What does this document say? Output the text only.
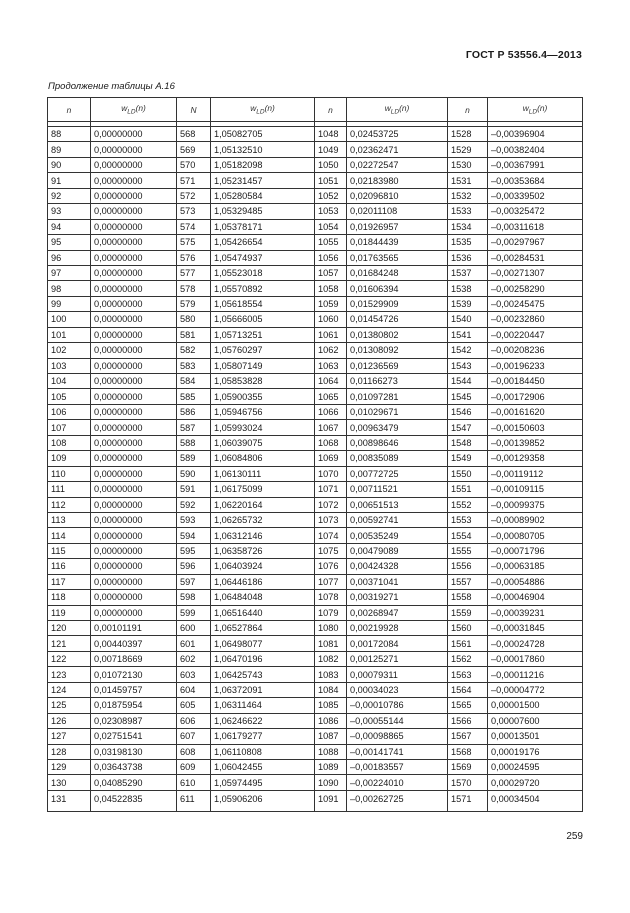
ГОСТ Р 53556.4—2013
Продолжение таблицы А.16
n	$w_{LD}(n)$	N	$w_{LD}(n)$	n	$w_{LD}(n)$	n	$w_{LD}(n)$

88	0,00000000	568	1,05082705	1048	0,02453725	1528	–0,00396904
89	0,00000000	569	1,05132510	1049	0,02362471	1529	–0,00382404
90	0,00000000	570	1,05182098	1050	0,02272547	1530	–0,00367991
91	0,00000000	571	1,05231457	1051	0,02183980	1531	–0,00353684
92	0,00000000	572	1,05280584	1052	0,02096810	1532	–0,00339502
93	0,00000000	573	1,05329485	1053	0,02011108	1533	–0,00325472
94	0,00000000	574	1,05378171	1054	0,01926957	1534	–0,00311618
95	0,00000000	575	1,05426654	1055	0,01844439	1535	–0,00297967
96	0,00000000	576	1,05474937	1056	0,01763565	1536	–0,00284531
97	0,00000000	577	1,05523018	1057	0,01684248	1537	–0,00271307
98	0,00000000	578	1,05570892	1058	0,01606394	1538	–0,00258290
99	0,00000000	579	1,05618554	1059	0,01529909	1539	–0,00245475
100	0,00000000	580	1,05666005	1060	0,01454726	1540	–0,00232860
101	0,00000000	581	1,05713251	1061	0,01380802	1541	–0,00220447
102	0,00000000	582	1,05760297	1062	0,01308092	1542	–0,00208236
103	0,00000000	583	1,05807149	1063	0,01236569	1543	–0,00196233
104	0,00000000	584	1,05853828	1064	0,01166273	1544	–0,00184450
105	0,00000000	585	1,05900355	1065	0,01097281	1545	–0,00172906
106	0,00000000	586	1,05946756	1066	0,01029671	1546	–0,00161620
107	0,00000000	587	1,05993024	1067	0,00963479	1547	–0,00150603
108	0,00000000	588	1,06039075	1068	0,00898646	1548	–0,00139852
109	0,00000000	589	1,06084806	1069	0,00835089	1549	–0,00129358
110	0,00000000	590	1,06130111	1070	0,00772725	1550	–0,00119112
111	0,00000000	591	1,06175099	1071	0,00711521	1551	–0,00109115
112	0,00000000	592	1,06220164	1072	0,00651513	1552	–0,00099375
113	0,00000000	593	1,06265732	1073	0,00592741	1553	–0,00089902
114	0,00000000	594	1,06312146	1074	0,00535249	1554	–0,00080705
115	0,00000000	595	1,06358726	1075	0,00479089	1555	–0,00071796
116	0,00000000	596	1,06403924	1076	0,00424328	1556	–0,00063185
117	0,00000000	597	1,06446186	1077	0,00371041	1557	–0,00054886
118	0,00000000	598	1,06484048	1078	0,00319271	1558	–0,00046904
119	0,00000000	599	1,06516440	1079	0,00268947	1559	–0,00039231
120	0,00101191	600	1,06527864	1080	0,00219928	1560	–0,00031845
121	0,00440397	601	1,06498077	1081	0,00172084	1561	–0,00024728
122	0,00718669	602	1,06470196	1082	0,00125271	1562	–0,00017860
123	0,01072130	603	1,06425743	1083	0,00079311	1563	–0,00011216
124	0,01459757	604	1,06372091	1084	0,00034023	1564	–0,00004772
125	0,01875954	605	1,06311464	1085	–0,00010786	1565	0,00001500
126	0,02308987	606	1,06246622	1086	–0,00055144	1566	0,00007600
127	0,02751541	607	1,06179277	1087	–0,00098865	1567	0,00013501
128	0,03198130	608	1,06110808	1088	–0,00141741	1568	0,00019176
129	0,03643738	609	1,06042455	1089	–0,00183557	1569	0,00024595
130	0,04085290	610	1,05974495	1090	–0,00224010	1570	0,00029720
131	0,04522835	611	1,05906206	1091	–0,00262725	1571	0,00034504
259
